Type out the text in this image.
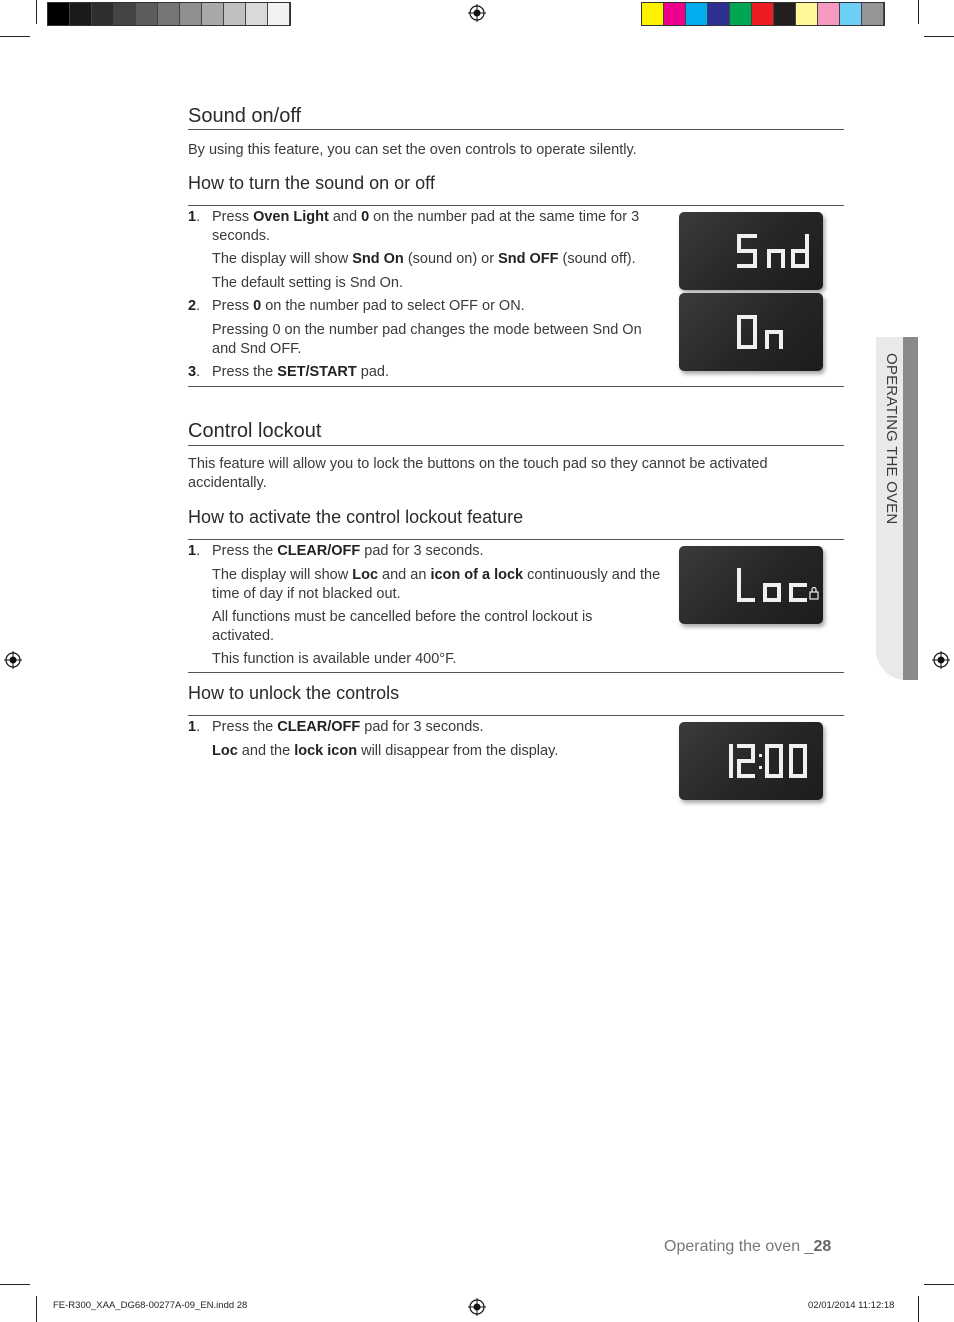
Sound on/off

By using this feature, you can set the oven controls to operate silently.

How to turn the sound on or off
1. Press Oven Light and 0 on the number pad at the same time for 3 seconds.

The display will show Snd On (sound on) or Snd OFF (sound off).

The default setting is Snd On.

2. Press 0 on the number pad to select OFF or ON.

Pressing 0 on the number pad changes the mode between Snd On and Snd OFF.

3. Press the SET/START pad.

Snd
On
Control lockout

This feature will allow you to lock the buttons on the touch pad so they cannot be activated accidentally.

How to activate the control lockout feature
1. Press the CLEAR/OFF pad for 3 seconds.

The display will show Loc and an icon of a lock continuously and the time of day if not blacked out.

All functions must be cancelled before the control lockout is activated.

This function is available under 400°F.

Loc
How to unlock the controls
1. Press the CLEAR/OFF pad for 3 seconds.

Loc and the lock icon will disappear from the display.

12:00
OPERATING THE OVEN
Operating the oven _28
FE-R300_XAA_DG68-00277A-09_EN.indd 28	02/01/2014 11:12:18
